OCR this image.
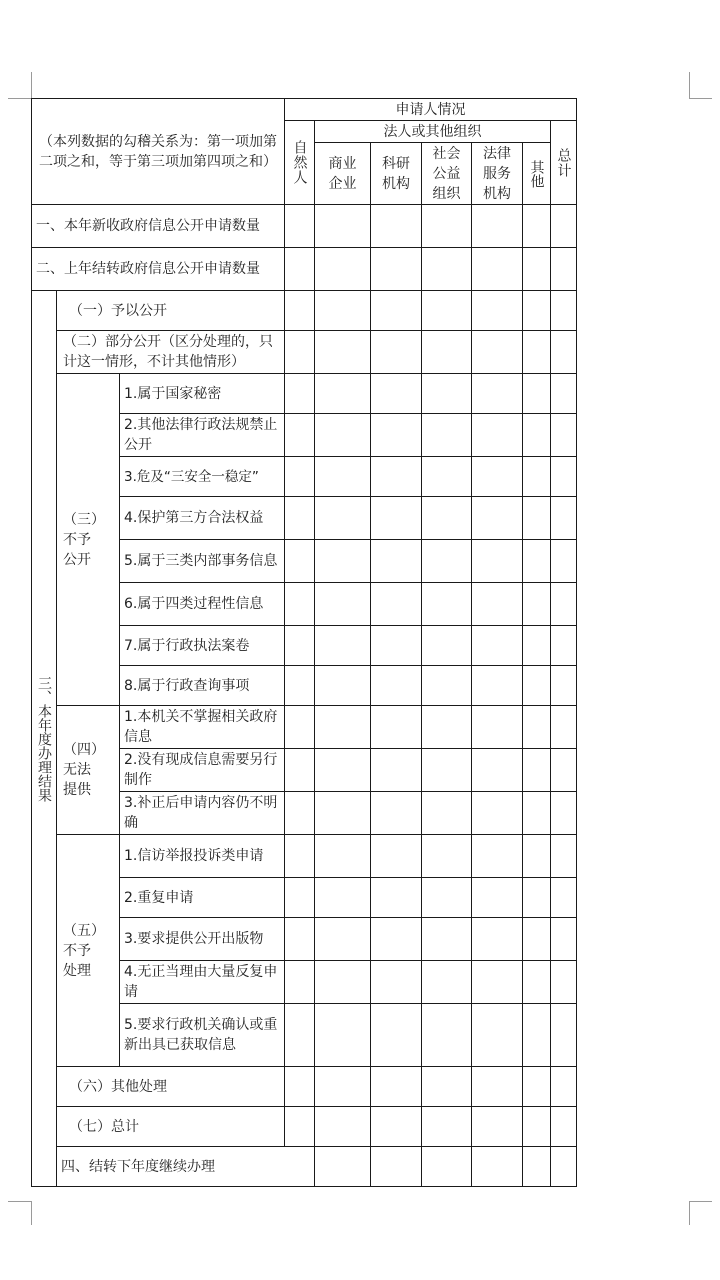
（本列数据的勾稽关系为：第一项加第二项之和，等于第三项加第四项之和）			申请人情况							
			自然人	法人或其他组织					总计	
				商业企业	科研机构	社会公益组织	法律服务机构	其他		
一、本年新收政府信息公开申请数量										
二、上年结转政府信息公开申请数量										
三、本年度办理结果	（一）予以公开									
	（二）部分公开（区分处理的，只计这一情形，不计其他情形）									
	（三）不予公开	1.属于国家秘密								
		2.其他法律行政法规禁止公开								
		3.危及“三安全一稳定”								
		4.保护第三方合法权益								
		5.属于三类内部事务信息								
		6.属于四类过程性信息								
		7.属于行政执法案卷								
		8.属于行政查询事项								
	（四）无法提供	1.本机关不掌握相关政府信息								
		2.没有现成信息需要另行制作								
		3.补正后申请内容仍不明确								
	（五）不予处理	1.信访举报投诉类申请								
		2.重复申请								
		3.要求提供公开出版物								
		4.无正当理由大量反复申请								
		5.要求行政机关确认或重新出具已获取信息								
	（六）其他处理									
	（七）总计									
	四、结转下年度继续办理									
